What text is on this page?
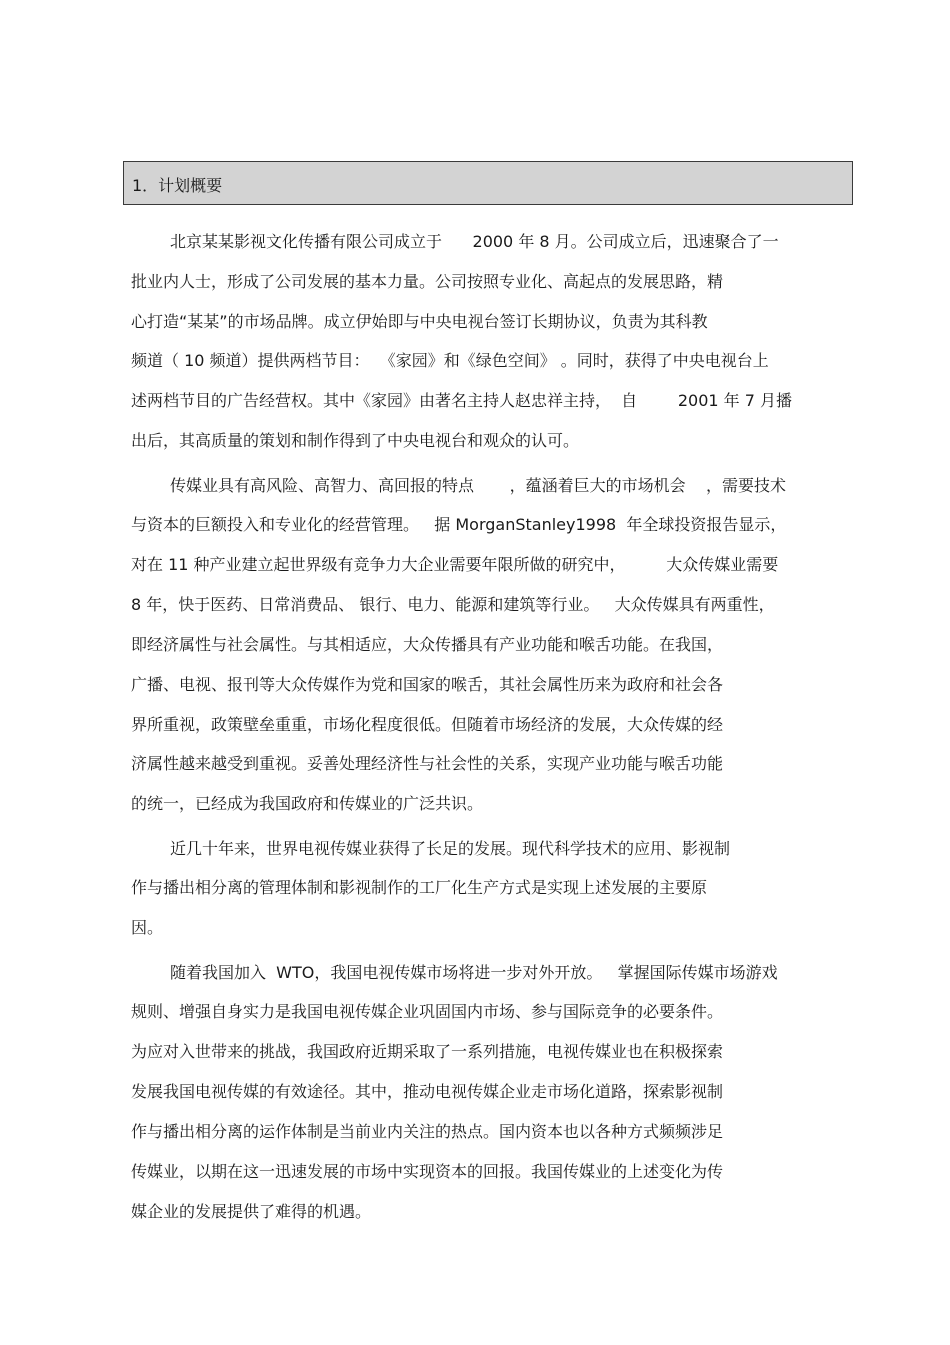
1．计划概要
北京某某影视文化传播有限公司成立于      2000 年 8 月。公司成立后，迅速聚合了一
批业内人士，形成了公司发展的基本力量。公司按照专业化、高起点的发展思路，精
心打造“某某”的市场品牌。成立伊始即与中央电视台签订长期协议，负责为其科教
频道（ 10 频道）提供两档节目：  《家园》和《绿色空间》 。同时，获得了中央电视台上
述两档节目的广告经营权。其中《家园》由著名主持人赵忠祥主持，  自        2001 年 7 月播
出后，其高质量的策划和制作得到了中央电视台和观众的认可。
传媒业具有高风险、高智力、高回报的特点       ，蕴涵着巨大的市场机会    ，需要技术
与资本的巨额投入和专业化的经营管理。   据 MorganStanley1998  年全球投资报告显示，
对在 11 种产业建立起世界级有竞争力大企业需要年限所做的研究中，        大众传媒业需要
8 年，快于医药、日常消费品、 银行、电力、能源和建筑等行业。   大众传媒具有两重性，
即经济属性与社会属性。与其相适应，大众传播具有产业功能和喉舌功能。在我国，
广播、电视、报刊等大众传媒作为党和国家的喉舌，其社会属性历来为政府和社会各
界所重视，政策壁垒重重，市场化程度很低。但随着市场经济的发展，大众传媒的经
济属性越来越受到重视。妥善处理经济性与社会性的关系，实现产业功能与喉舌功能
的统一，已经成为我国政府和传媒业的广泛共识。
近几十年来，世界电视传媒业获得了长足的发展。现代科学技术的应用、影视制
作与播出相分离的管理体制和影视制作的工厂化生产方式是实现上述发展的主要原
因。
随着我国加入  WTO，我国电视传媒市场将进一步对外开放。   掌握国际传媒市场游戏
规则、增强自身实力是我国电视传媒企业巩固国内市场、参与国际竞争的必要条件。
为应对入世带来的挑战，我国政府近期采取了一系列措施，电视传媒业也在积极探索
发展我国电视传媒的有效途径。其中，推动电视传媒企业走市场化道路，探索影视制
作与播出相分离的运作体制是当前业内关注的热点。国内资本也以各种方式频频涉足
传媒业，以期在这一迅速发展的市场中实现资本的回报。我国传媒业的上述变化为传
媒企业的发展提供了难得的机遇。
